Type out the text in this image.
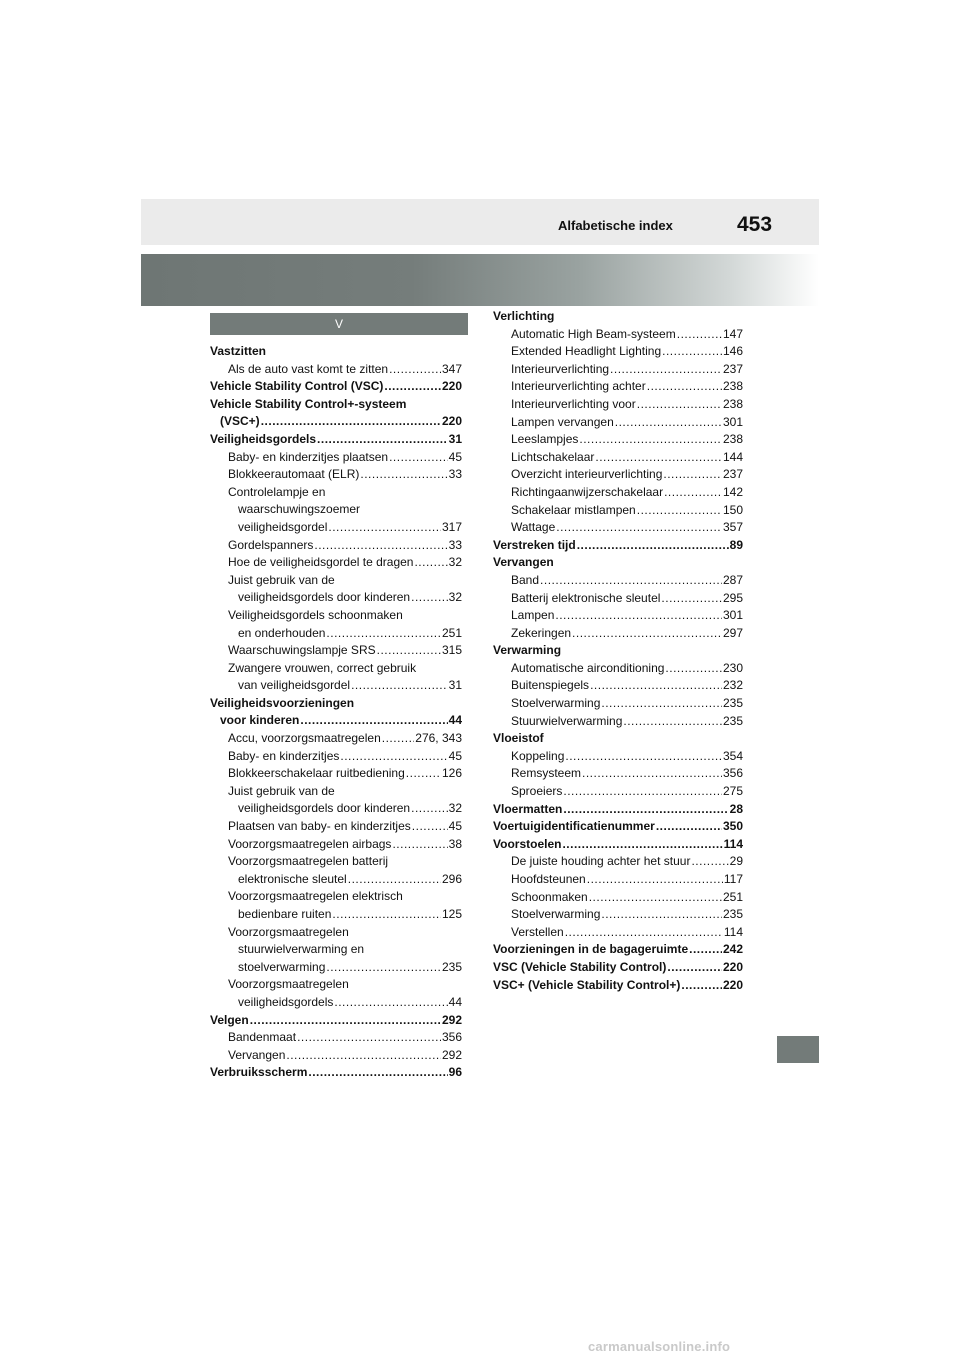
Alfabetische index	453
V
Vastzitten
Als de auto vast komt te zitten .....	347
Vehicle Stability Control (VSC) .....	220
Vehicle Stability Control+-systeem
(VSC+) .....	220
Veiligheidsgordels .....	31
Baby- en kinderzitjes plaatsen .....	45
Blokkeerautomaat (ELR) .....	33
Controlelampje en
waarschuwingszoemer
veiligheidsgordel .....	317
Gordelspanners .....	33
Hoe de veiligheidsgordel te dragen .....	32
Juist gebruik van de
veiligheidsgordels door kinderen .....	32
Veiligheidsgordels schoonmaken
en onderhouden .....	251
Waarschuwingslampje SRS .....	315
Zwangere vrouwen, correct gebruik
van veiligheidsgordel .....	31
Veiligheidsvoorzieningen
voor kinderen .....	44
Accu, voorzorgsmaatregelen .....	276, 343
Baby- en kinderzitjes .....	45
Blokkeerschakelaar ruitbediening .....	126
Juist gebruik van de
veiligheidsgordels door kinderen .....	32
Plaatsen van baby- en kinderzitjes .....	45
Voorzorgsmaatregelen airbags .....	38
Voorzorgsmaatregelen batterij
elektronische sleutel .....	296
Voorzorgsmaatregelen elektrisch
bedienbare ruiten .....	125
Voorzorgsmaatregelen
stuurwielverwarming en
stoelverwarming .....	235
Voorzorgsmaatregelen
veiligheidsgordels .....	44
Velgen .....	292
Bandenmaat .....	356
Vervangen .....	292
Verbruiksscherm .....	96
Verlichting
Automatic High Beam-systeem .....	147
Extended Headlight Lighting .....	146
Interieurverlichting .....	237
Interieurverlichting achter .....	238
Interieurverlichting voor .....	238
Lampen vervangen .....	301
Leeslampjes .....	238
Lichtschakelaar .....	144
Overzicht interieurverlichting .....	237
Richtingaanwijzerschakelaar .....	142
Schakelaar mistlampen .....	150
Wattage .....	357
Verstreken tijd .....	89
Vervangen
Band .....	287
Batterij elektronische sleutel .....	295
Lampen .....	301
Zekeringen .....	297
Verwarming
Automatische airconditioning .....	230
Buitenspiegels .....	232
Stoelverwarming .....	235
Stuurwielverwarming .....	235
Vloeistof
Koppeling .....	354
Remsysteem .....	356
Sproeiers .....	275
Vloermatten .....	28
Voertuigidentificatienummer .....	350
Voorstoelen .....	114
De juiste houding achter het stuur .....	29
Hoofdsteunen .....	117
Schoonmaken .....	251
Stoelverwarming .....	235
Verstellen .....	114
Voorzieningen in de bagageruimte .....	242
VSC (Vehicle Stability Control) .....	220
VSC+ (Vehicle Stability Control+) .....	220
carmanualsonline.info
